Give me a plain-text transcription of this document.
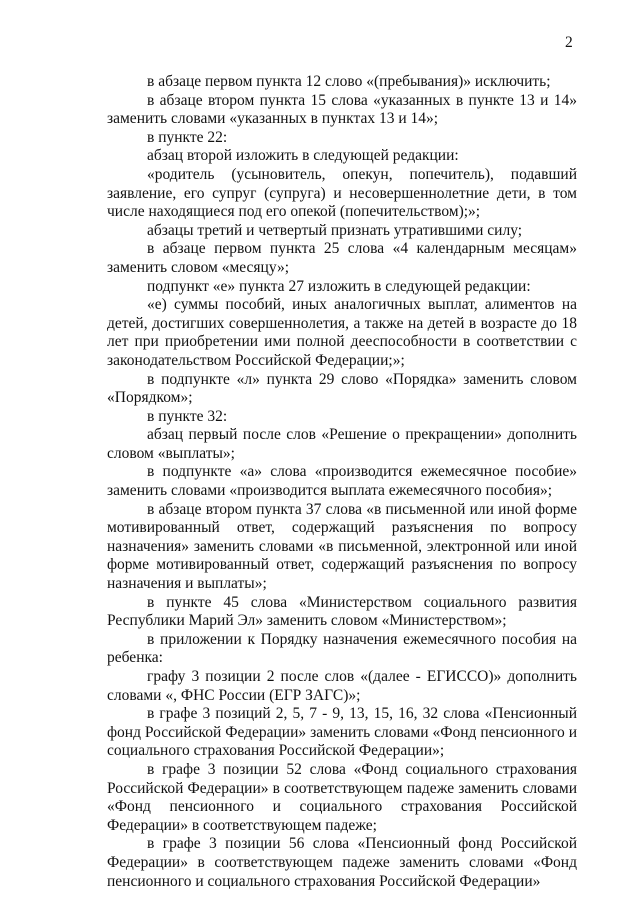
2

в абзаце первом пункта 12 слово «(пребывания)» исключить;

в абзаце втором пункта 15 слова «указанных в пункте 13 и 14» заменить словами «указанных в пунктах 13 и 14»;

в пункте 22:

абзац второй изложить в следующей редакции:

«родитель (усыновитель, опекун, попечитель), подавший заявление, его супруг (супруга) и несовершеннолетние дети, в том числе находящиеся под его опекой (попечительством);»;

абзацы третий и четвертый признать утратившими силу;

в абзаце первом пункта 25 слова «4 календарным месяцам» заменить словом «месяцу»;

подпункт «е» пункта 27 изложить в следующей редакции:

«е) суммы пособий, иных аналогичных выплат, алиментов на детей, достигших совершеннолетия, а также на детей в возрасте до 18 лет при приобретении ими полной дееспособности в соответствии с законодательством Российской Федерации;»;

в подпункте «л» пункта 29 слово «Порядка» заменить словом «Порядком»;

в пункте 32:

абзац первый после слов «Решение о прекращении» дополнить словом «выплаты»;

в подпункте «а» слова «производится ежемесячное пособие» заменить словами «производится выплата ежемесячного пособия»;

в абзаце втором пункта 37 слова «в письменной или иной форме мотивированный ответ, содержащий разъяснения по вопросу назначения» заменить словами «в письменной, электронной или иной форме мотивированный ответ, содержащий разъяснения по вопросу назначения и выплаты»;

в пункте 45 слова «Министерством социального развития Республики Марий Эл» заменить словом «Министерством»;

в приложении к Порядку назначения ежемесячного пособия на ребенка:

графу 3 позиции 2 после слов «(далее - ЕГИССО)» дополнить словами «, ФНС России (ЕГР ЗАГС)»;

в графе 3 позиций 2, 5, 7 - 9, 13, 15, 16, 32 слова «Пенсионный фонд Российской Федерации» заменить словами «Фонд пенсионного и социального страхования Российской Федерации»;

в графе 3 позиции 52 слова «Фонд социального страхования Российской Федерации» в соответствующем падеже заменить словами «Фонд пенсионного и социального страхования Российской Федерации» в соответствующем падеже;

в графе 3 позиции 56 слова «Пенсионный фонд Российской Федерации» в соответствующем падеже заменить словами «Фонд пенсионного и социального страхования Российской Федерации»
